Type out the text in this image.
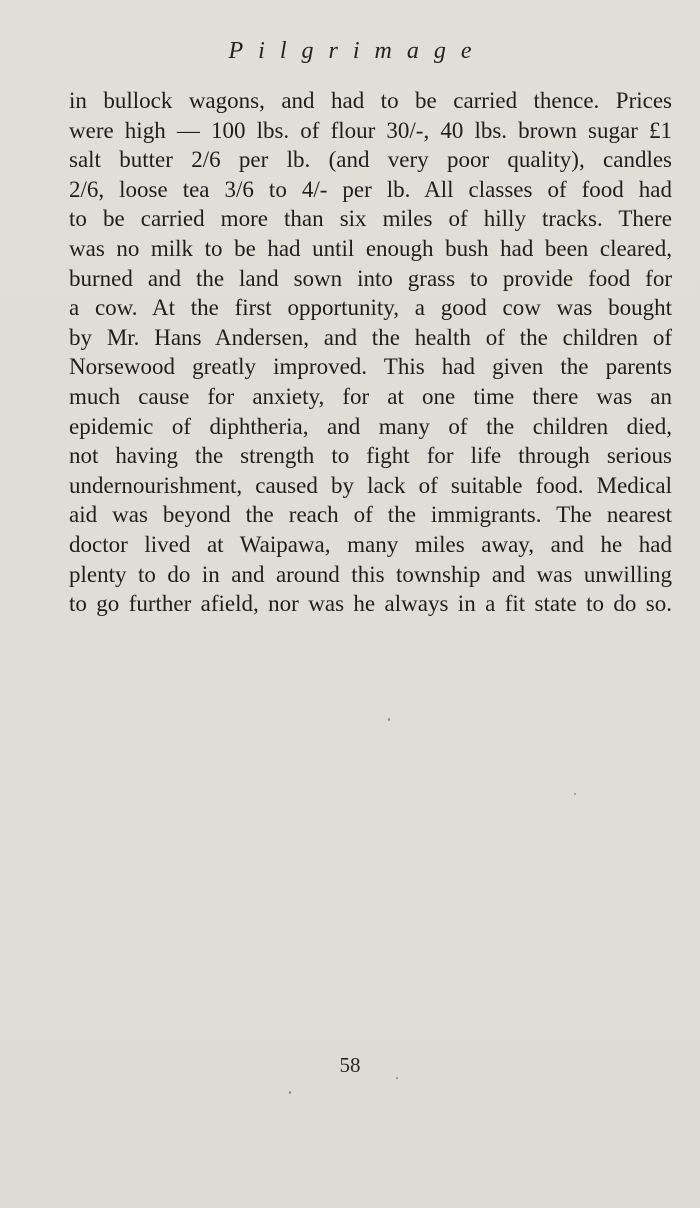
Pilgrimage
in bullock wagons, and had to be carried thence. Prices
were high — 100 lbs. of flour 30/-, 40 lbs. brown sugar £1
salt butter 2/6 per lb. (and very poor quality), candles
2/6, loose tea 3/6 to 4/- per lb. All classes of food had
to be carried more than six miles of hilly tracks. There
was no milk to be had until enough bush had been cleared,
burned and the land sown into grass to provide food for
a cow. At the first opportunity, a good cow was bought
by Mr. Hans Andersen, and the health of the children of
Norsewood greatly improved. This had given the parents
much cause for anxiety, for at one time there was an
epidemic of diphtheria, and many of the children died,
not having the strength to fight for life through serious
undernourishment, caused by lack of suitable food. Medical
aid was beyond the reach of the immigrants. The nearest
doctor lived at Waipawa, many miles away, and he had
plenty to do in and around this township and was unwilling
to go further afield, nor was he always in a fit state to do so.
58
